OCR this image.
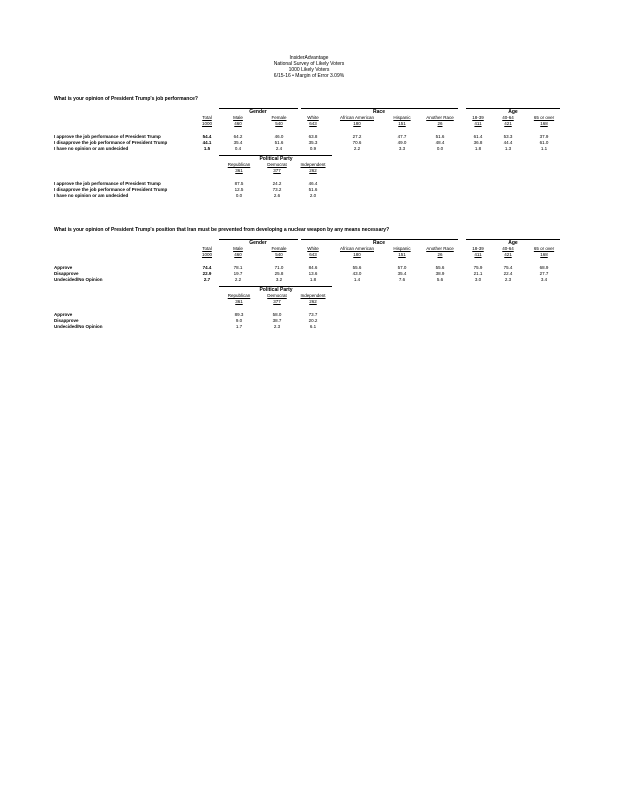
InsiderAdvantage
National Survey of Likely Voters
1000 Likely Voters
6/15-16 • Margin of Error 3.09%
What is your opinion of President Trump's job performance?
Gender	Race	Age
Total	Male	Female	White	African American	Hispanic	Another Race	18-39	40-64	65 or over
1000	460	540	643	180	151	26	411	421	168
I approve the job performance of President Trump	54.4	64.2	46.0	63.8	27.2	47.7	51.6	61.4	53.3	37.9
I disapprove the job performance of President Trump	44.1	35.4	51.6	35.3	70.6	49.0	48.4	36.8	44.4	61.0
I have no opinion or am undecided	1.5	0.4	2.4	0.9	2.2	3.3	0.0	1.8	1.3	1.1
Political Party
Republican	Democrat	Independent
361	377	262
I approve the job performance of President Trump	87.5	24.2	46.4
I disapprove the job performance of President Trump	12.5	73.2	51.6
I have no opinion or am undecided	0.0	2.6	2.0
What is your opinion of President Trump's position that Iran must be prevented from developing a nuclear weapon by any means necessary?
Gender	Race	Age
Total	Male	Female	White	African American	Hispanic	Another Race	18-39	40-64	65 or over
1000	460	540	643	180	151	26	411	421	168
Approve	74.4	78.1	71.0	84.6	55.6	57.0	55.6	75.9	75.4	68.9
Disapprove	22.9	19.7	25.8	13.6	43.0	35.4	38.9	21.1	22.4	27.7
Undecided/No Opinion	2.7	2.2	3.2	1.8	1.4	7.6	5.6	3.0	2.3	3.4
Political Party
Republican	Democrat	Independent
361	377	262
Approve	89.3	58.0	73.7
Disapprove	9.0	38.7	20.2
Undecided/No Opinion	1.7	2.3	6.1
